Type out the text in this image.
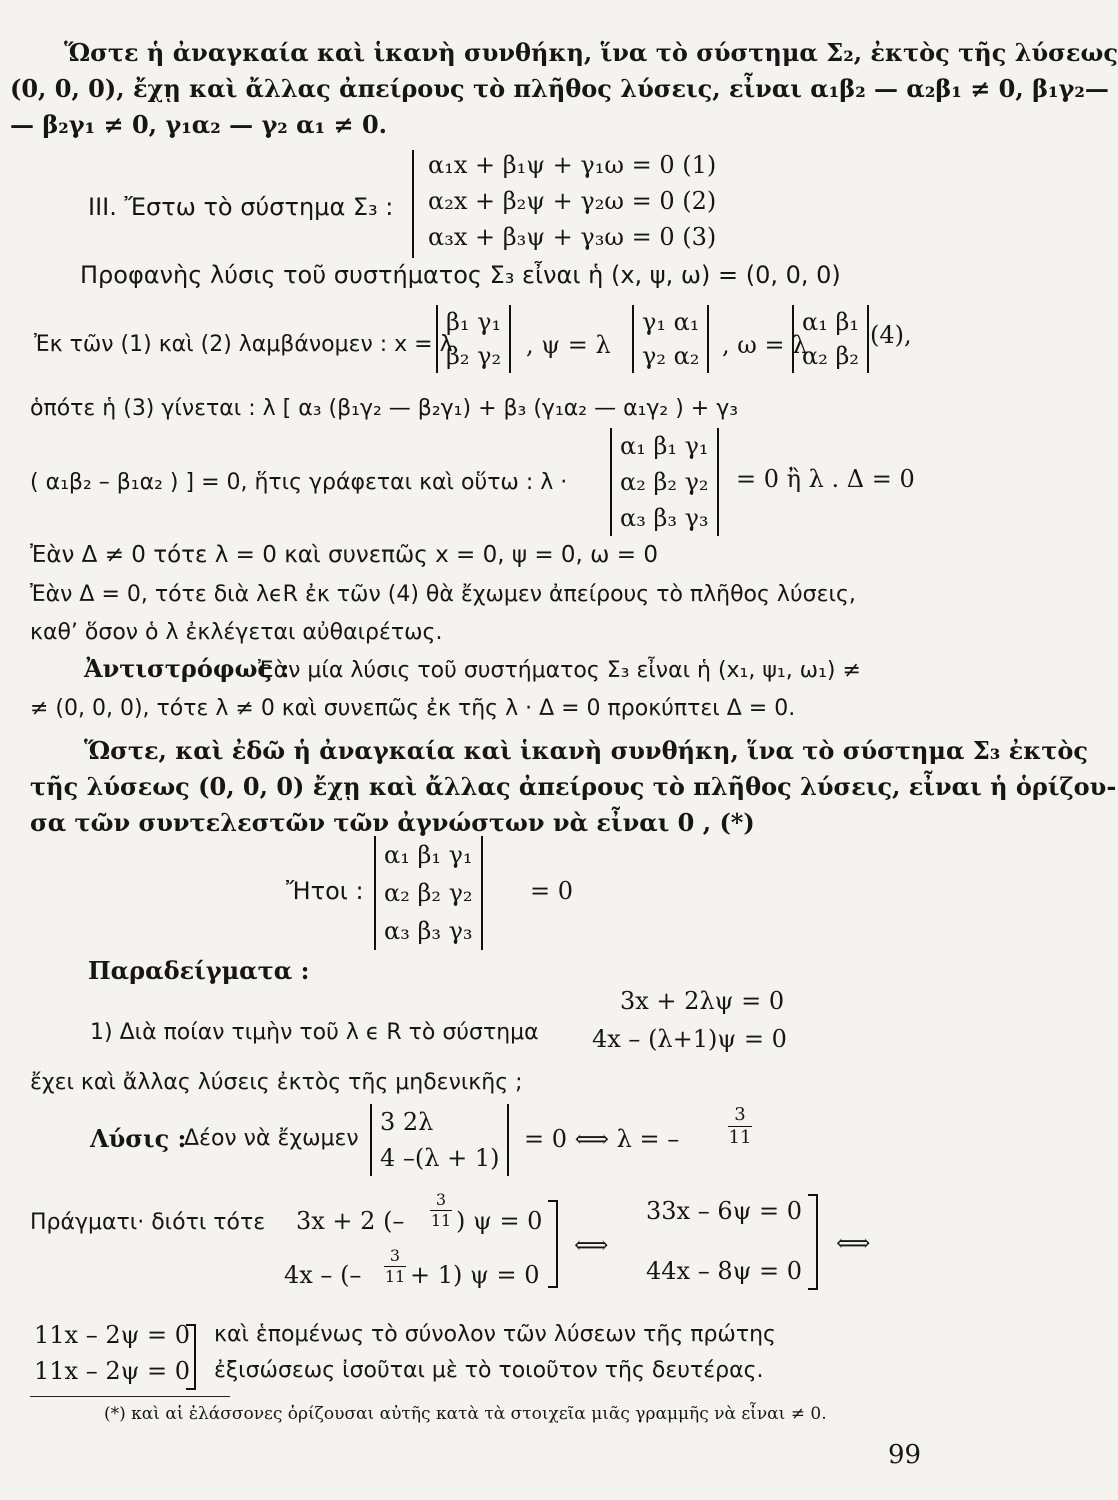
Ὥστε ἡ ἀναγκαία καὶ ἱκανὴ συνθήκη, ἵνα τὸ σύστημα Σ₂, ἐκτὸς τῆς λύσεως
(0, 0, 0), ἔχῃ καὶ ἄλλας ἀπείρους τὸ πλῆθος λύσεις, εἶναι α₁β₂ — α₂β₁ ≠ 0, β₁γ₂—
— β₂γ₁ ≠ 0, γ₁α₂ — γ₂ α₁ ≠ 0.
III. Ἔστω τὸ σύστημα Σ₃ :
α₁x + β₁ψ + γ₁ω = 0 (1)
α₂x + β₂ψ + γ₂ω = 0 (2)
α₃x + β₃ψ + γ₃ω = 0 (3)
Προφανὴς λύσις τοῦ συστήματος Σ₃ εἶναι ἡ (x, ψ, ω) = (0, 0, 0)
Ἐκ τῶν (1) καὶ (2) λαμβάνομεν : x = λ
β₁ γ₁
β₂ γ₂ , ψ = λ
γ₁ α₁
γ₂ α₂ , ω = λ
α₁ β₁
α₂ β₂
(4),
ὁπότε ἡ (3) γίνεται : λ [ α₃ (β₁γ₂ — β₂γ₁) + β₃ (γ₁α₂ — α₁γ₂ ) + γ₃
( α₁β₂ – β₁α₂ ) ] = 0, ἥτις γράφεται καὶ οὕτω : λ ·
α₁ β₁ γ₁
α₂ β₂ γ₂
α₃ β₃ γ₃
= 0 ἢ λ . Δ = 0
Ἐὰν Δ ≠ 0 τότε λ = 0 καὶ συνεπῶς x = 0, ψ = 0, ω = 0
Ἐὰν Δ = 0, τότε διὰ λϵR ἐκ τῶν (4) θὰ ἔχωμεν ἀπείρους τὸ πλῆθος λύσεις,
καθ’ ὅσον ὁ λ ἐκλέγεται αὐθαιρέτως.
Ἀντιστρόφως :
Ἐὰν μία λύσις τοῦ συστήματος Σ₃ εἶναι ἡ (x₁, ψ₁, ω₁) ≠
≠ (0, 0, 0), τότε λ ≠ 0 καὶ συνεπῶς ἐκ τῆς λ · Δ = 0 προκύπτει Δ = 0.
Ὥστε, καὶ ἐδῶ ἡ ἀναγκαία καὶ ἱκανὴ συνθήκη, ἵνα τὸ σύστημα Σ₃ ἐκτὸς
τῆς λύσεως (0, 0, 0) ἔχῃ καὶ ἄλλας ἀπείρους τὸ πλῆθος λύσεις, εἶναι ἡ ὁρίζου-
σα τῶν συντελεστῶν τῶν ἀγνώστων νὰ εἶναι 0 , (*)
Ἤτοι :
α₁ β₁ γ₁
α₂ β₂ γ₂
α₃ β₃ γ₃
= 0
Παραδείγματα :
1) Διὰ ποίαν τιμὴν τοῦ λ ϵ R τὸ σύστημα
3x + 2λψ = 0
4x – (λ+1)ψ = 0
ἔχει καὶ ἄλλας λύσεις ἐκτὸς τῆς μηδενικῆς ;
Λύσις :
Δέον νὰ ἔχωμεν
3 2λ
4 –(λ + 1)
= 0 ⟺ λ = –	$\frac{3}{11}$
Πράγματι· διότι τότε 3x + 2 (– $\frac{3}{11}$ ) ψ = 0
4x – (– $\frac{3}{11} + 1$) ψ = 0
⟺
33x – 6ψ = 0
44x – 8ψ = 0
⟺
11x – 2ψ = 0
11x – 2ψ = 0
καὶ ἑπομένως τὸ σύνολον τῶν λύσεων τῆς πρώτης
ἐξισώσεως ἰσοῦται μὲ τὸ τοιοῦτον τῆς δευτέρας.
(*) καὶ αἱ ἐλάσσονες ὁρίζουσαι αὐτῆς κατὰ τὰ στοιχεῖα μιᾶς γραμμῆς νὰ εἶναι ≠ 0.
99
